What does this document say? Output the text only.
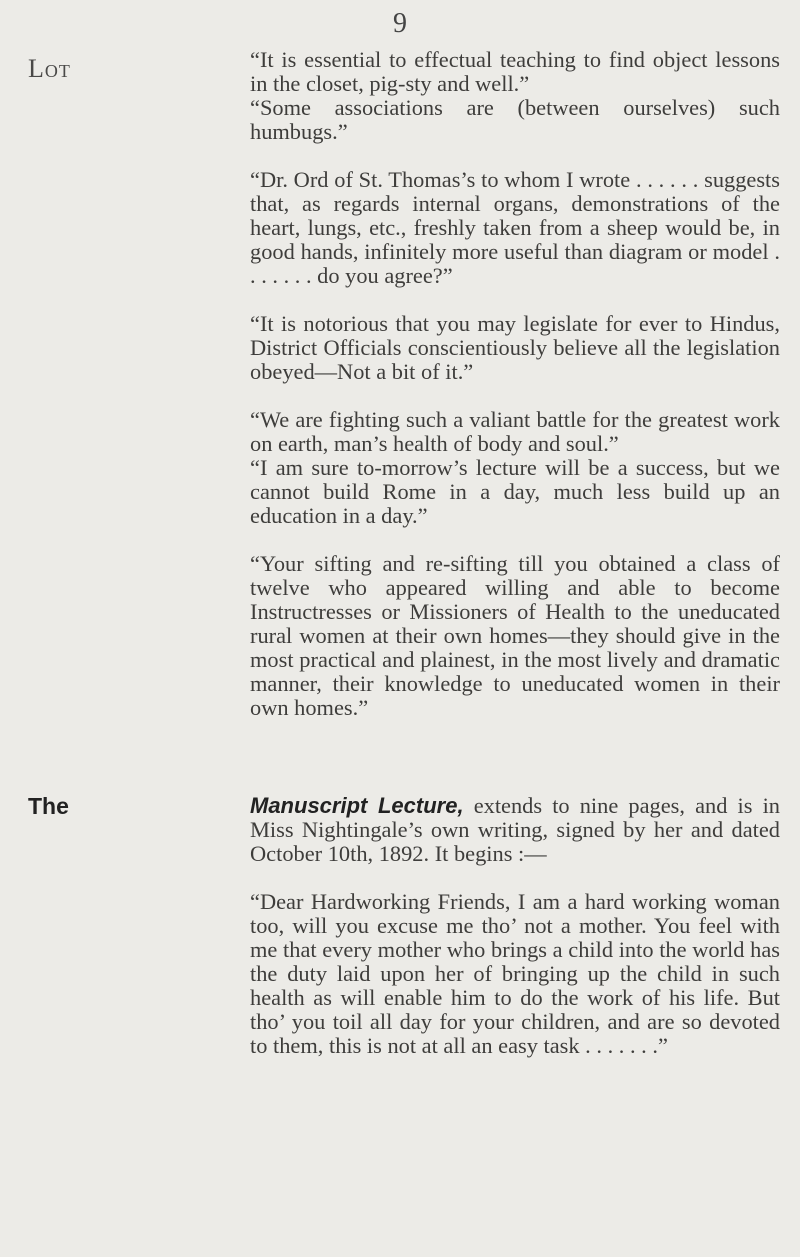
9
Lot	“It is essential to effectual teaching to find object lessons in the closet, pig-sty and well.”

“Some associations are (between ourselves) such humbugs.”

“Dr. Ord of St. Thomas’s to whom I wrote . . . . . . suggests that, as regards internal organs, demonstrations of the heart, lungs, etc., freshly taken from a sheep would be, in good hands, infinitely more useful than diagram or model . . . . . . . do you agree?”

“It is notorious that you may legislate for ever to Hindus, District Officials conscientiously believe all the legislation obeyed—Not a bit of it.”

“We are fighting such a valiant battle for the greatest work on earth, man’s health of body and soul.”

“I am sure to-morrow’s lecture will be a success, but we cannot build Rome in a day, much less build up an education in a day.”

“Your sifting and re-sifting till you obtained a class of twelve who appeared willing and able to become Instructresses or Missioners of Health to the uneducated rural women at their own homes—they should give in the most practical and plainest, in the most lively and dramatic manner, their knowledge to uneducated women in their own homes.”

The	Manuscript Lecture, extends to nine pages, and is in Miss Nightingale’s own writing, signed by her and dated October 10th, 1892. It begins :—

“Dear Hardworking Friends, I am a hard working woman too, will you excuse me tho’ not a mother. You feel with me that every mother who brings a child into the world has the duty laid upon her of bringing up the child in such health as will enable him to do the work of his life. But tho’ you toil all day for your children, and are so devoted to them, this is not at all an easy task . . . . . . .”
